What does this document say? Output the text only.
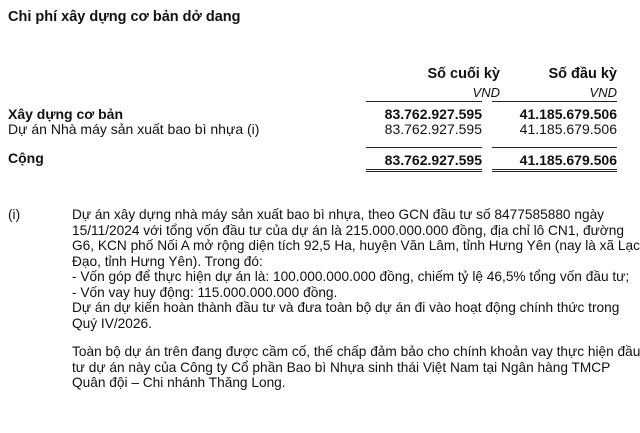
Chi phí xây dựng cơ bản dở dang
Số cuối kỳ	Số đầu kỳ
VND	VND
Xây dựng cơ bản	83.762.927.595	41.185.679.506
Dự án Nhà máy sản xuất bao bì nhựa (i)	83.762.927.595	41.185.679.506
Cộng	83.762.927.595	41.185.679.506
(i)	Dự án xây dựng nhà máy sản xuất bao bì nhựa, theo GCN đầu tư số 8477585880 ngày
15/11/2024 với tổng vốn đầu tư của dự án là 215.000.000.000 đồng, địa chỉ lô CN1, đường
G6, KCN phố Nối A mở rộng diện tích 92,5 Ha, huyện Văn Lâm, tỉnh Hưng Yên (nay là xã Lạc
Đạo, tỉnh Hưng Yên). Trong đó:
- Vốn góp để thực hiện dự án là: 100.000.000.000 đồng, chiếm tỷ lệ 46,5% tổng vốn đầu tư;
- Vốn vay huy động: 115.000.000.000 đồng.
Dự án dự kiến hoàn thành đầu tư và đưa toàn bộ dự án đi vào hoạt động chính thức trong
Quý IV/2026.
Toàn bộ dự án trên đang được cầm cố, thế chấp đảm bảo cho chính khoản vay thực hiện đầu
tư dự án này của Công ty Cổ phần Bao bì Nhựa sinh thái Việt Nam tại Ngân hàng TMCP
Quân đội – Chi nhánh Thăng Long.
